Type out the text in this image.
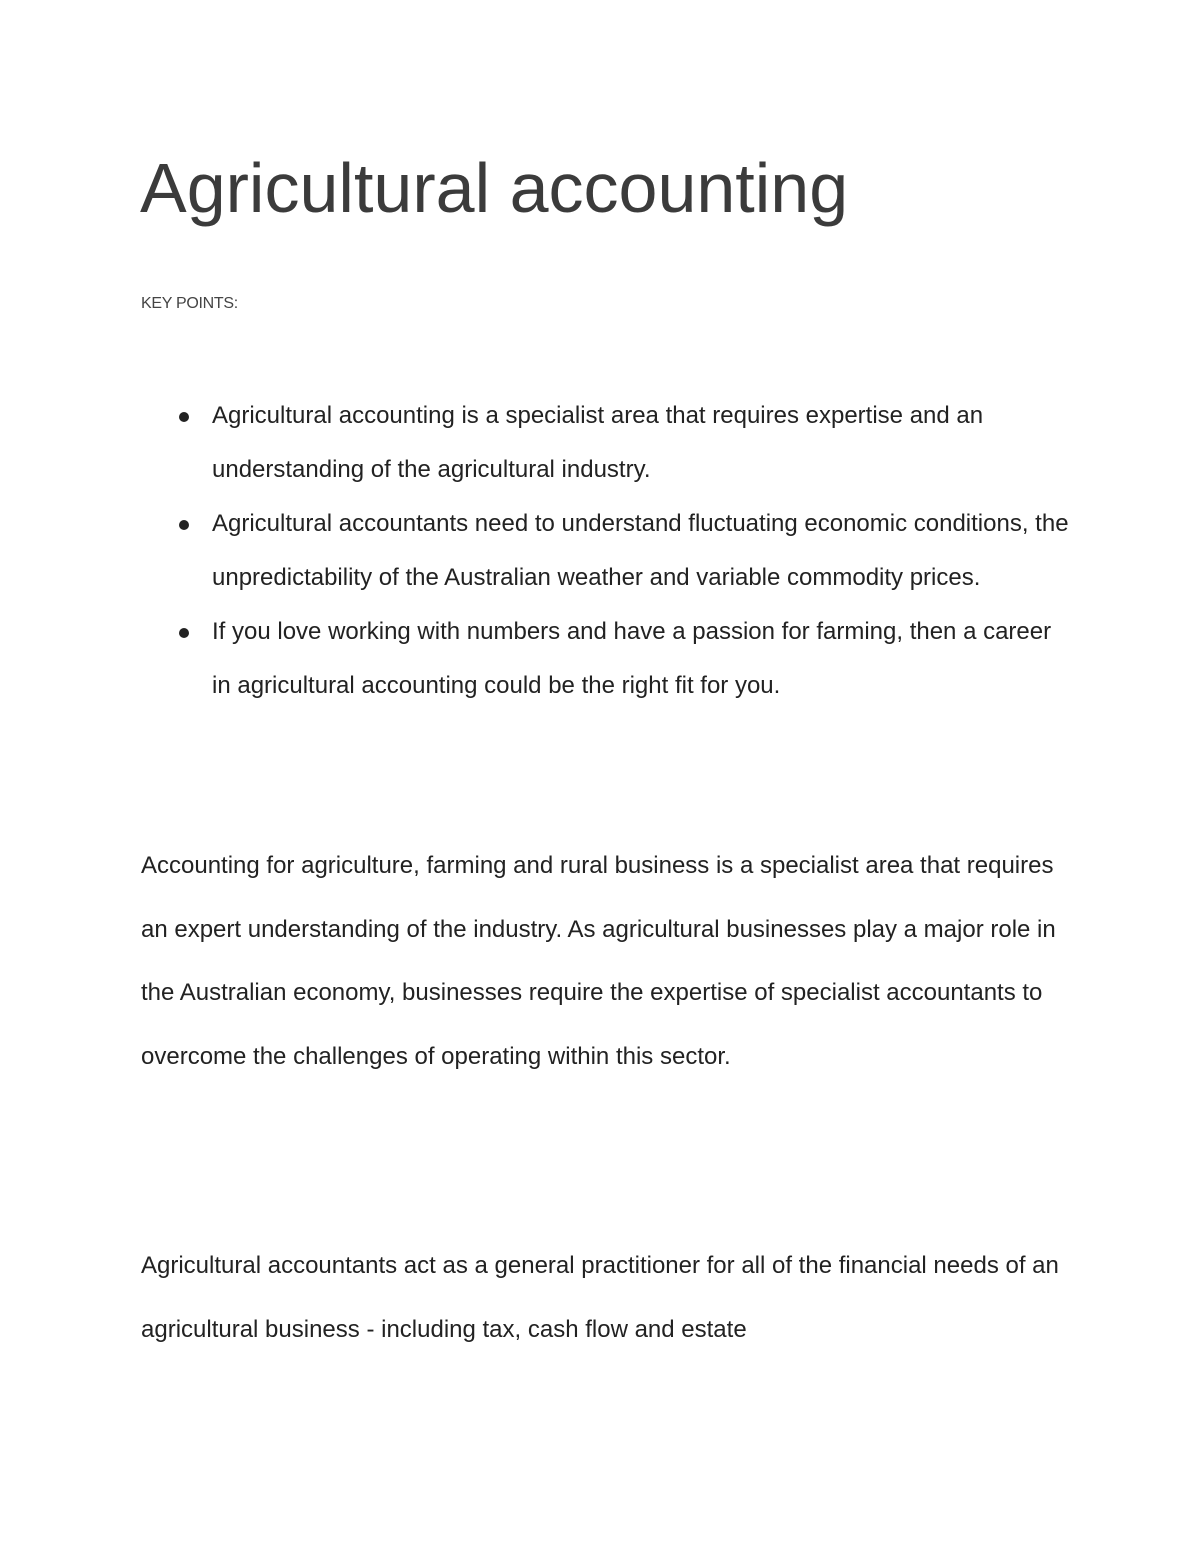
Agricultural accounting
KEY POINTS:
Agricultural accounting is a specialist area that requires expertise and an understanding of the agricultural industry.
Agricultural accountants need to understand fluctuating economic conditions, the unpredictability of the Australian weather and variable commodity prices.
If you love working with numbers and have a passion for farming, then a career in agricultural accounting could be the right fit for you.

Accounting for agriculture, farming and rural business is a specialist area that requires an expert understanding of the industry. As agricultural businesses play a major role in the Australian economy, businesses require the expertise of specialist accountants to overcome the challenges of operating within this sector.

Agricultural accountants act as a general practitioner for all of the financial needs of an agricultural business - including tax, cash flow and estate
